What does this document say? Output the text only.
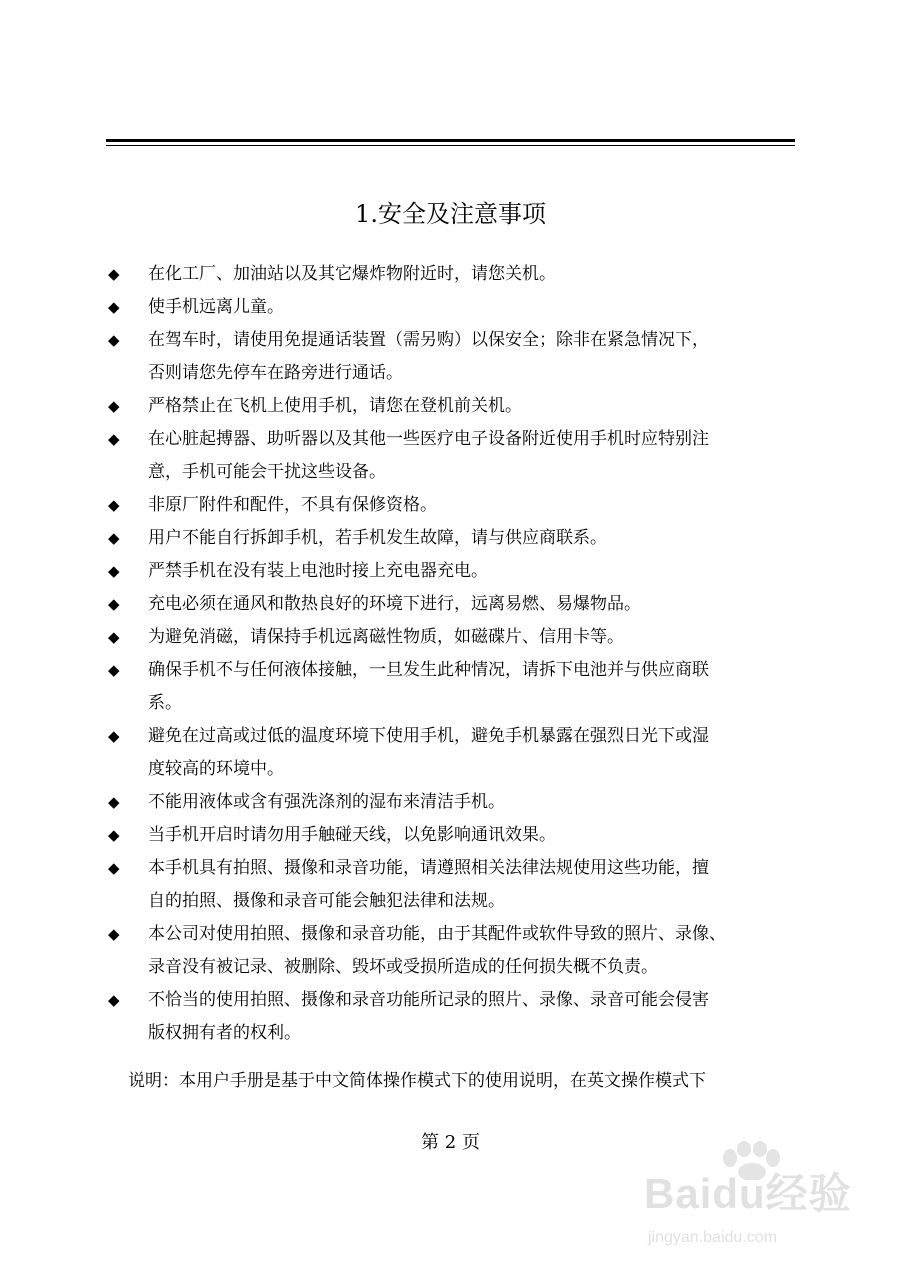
1.安全及注意事项
◆	在化工厂、加油站以及其它爆炸物附近时，请您关机。
◆	使手机远离儿童。
◆	在驾车时，请使用免提通话装置（需另购）以保安全；除非在紧急情况下，
否则请您先停车在路旁进行通话。
◆	严格禁止在飞机上使用手机，请您在登机前关机。
◆	在心脏起搏器、助听器以及其他一些医疗电子设备附近使用手机时应特别注
意，手机可能会干扰这些设备。
◆	非原厂附件和配件，不具有保修资格。
◆	用户不能自行拆卸手机，若手机发生故障，请与供应商联系。
◆	严禁手机在没有装上电池时接上充电器充电。
◆	充电必须在通风和散热良好的环境下进行，远离易燃、易爆物品。
◆	为避免消磁，请保持手机远离磁性物质，如磁碟片、信用卡等。
◆	确保手机不与任何液体接触，一旦发生此种情况，请拆下电池并与供应商联
系。
◆	避免在过高或过低的温度环境下使用手机，避免手机暴露在强烈日光下或湿
度较高的环境中。
◆	不能用液体或含有强洗涤剂的湿布来清洁手机。
◆	当手机开启时请勿用手触碰天线，以免影响通讯效果。
◆	本手机具有拍照、摄像和录音功能，请遵照相关法律法规使用这些功能，擅
自的拍照、摄像和录音可能会触犯法律和法规。
◆	本公司对使用拍照、摄像和录音功能，由于其配件或软件导致的照片、录像、
录音没有被记录、被删除、毁坏或受损所造成的任何损失概不负责。
◆	不恰当的使用拍照、摄像和录音功能所记录的照片、录像、录音可能会侵害
版权拥有者的权利。
说明：本用户手册是基于中文简体操作模式下的使用说明，在英文操作模式下
第 2 页
Baidu经验
jingyan.baidu.com
